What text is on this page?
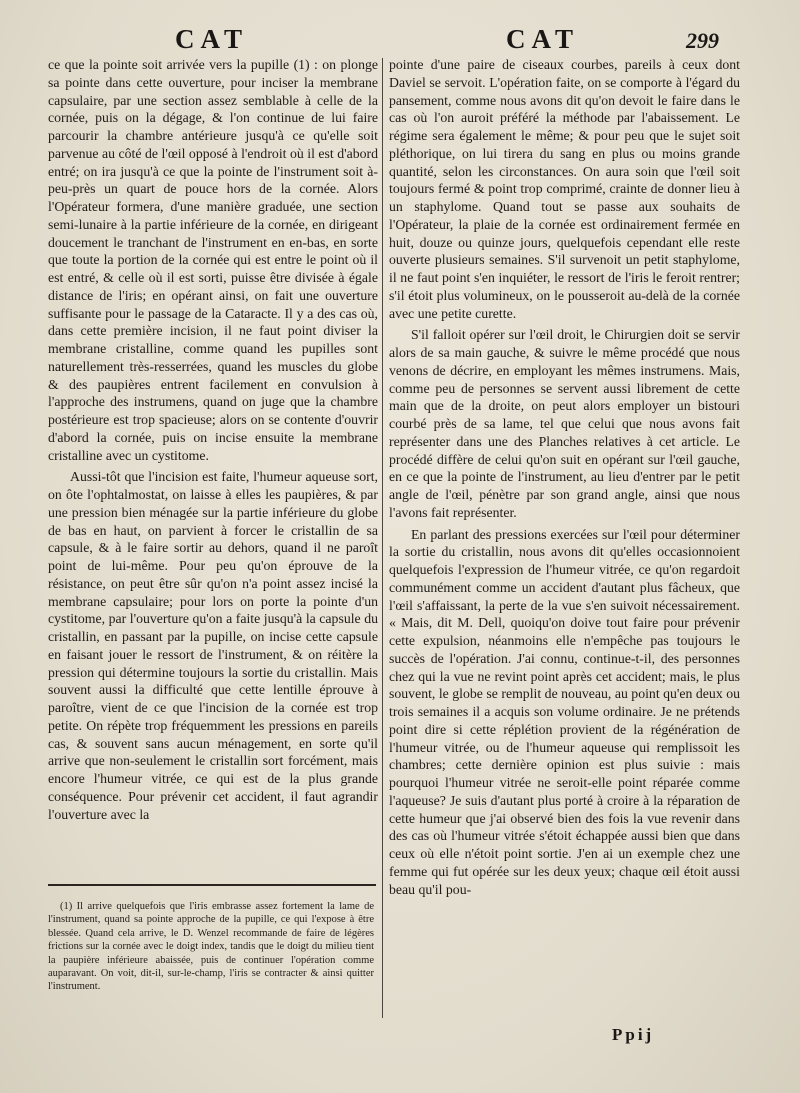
CAT	CAT	299

ce que la pointe soit arrivée vers la pupille (1) : on plonge sa pointe dans cette ouverture, pour inciser la membrane capsulaire, par une section assez semblable à celle de la cornée, puis on la dégage, & l'on continue de lui faire parcourir la chambre antérieure jusqu'à ce qu'elle soit parvenue au côté de l'œil opposé à l'endroit où il est d'abord entré; on ira jusqu'à ce que la pointe de l'instrument soit à-peu-près un quart de pouce hors de la cornée. Alors l'Opérateur formera, d'une manière graduée, une section semi-lunaire à la partie inférieure de la cornée, en dirigeant doucement le tranchant de l'instrument en en-bas, en sorte que toute la portion de la cornée qui est entre le point où il est entré, & celle où il est sorti, puisse être divisée à égale distance de l'iris; en opérant ainsi, on fait une ouverture suffisante pour le passage de la Cataracte. Il y a des cas où, dans cette première incision, il ne faut point diviser la membrane cristalline, comme quand les pupilles sont naturellement très-resserrées, quand les muscles du globe & des paupières entrent facilement en convulsion à l'approche des instrumens, quand on juge que la chambre postérieure est trop spacieuse; alors on se contente d'ouvrir d'abord la cornée, puis on incise ensuite la membrane cristalline avec un cystitome.

Aussi-tôt que l'incision est faite, l'humeur aqueuse sort, on ôte l'ophtalmostat, on laisse à elles les paupières, & par une pression bien ménagée sur la partie inférieure du globe de bas en haut, on parvient à forcer le cristallin de sa capsule, & à le faire sortir au dehors, quand il ne paroît point de lui-même. Pour peu qu'on éprouve de la résistance, on peut être sûr qu'on n'a point assez incisé la membrane capsulaire; pour lors on porte la pointe d'un cystitome, par l'ouverture qu'on a faite jusqu'à la capsule du cristallin, en passant par la pupille, on incise cette capsule en faisant jouer le ressort de l'instrument, & on réitère la pression qui détermine toujours la sortie du cristallin. Mais souvent aussi la difficulté que cette lentille éprouve à paroître, vient de ce que l'incision de la cornée est trop petite. On répète trop fréquemment les pressions en pareils cas, & souvent sans aucun ménagement, en sorte qu'il arrive que non-seulement le cristallin sort forcément, mais encore l'humeur vitrée, ce qui est de la plus grande conséquence. Pour prévenir cet accident, il faut agrandir l'ouverture avec la

pointe d'une paire de ciseaux courbes, pareils à ceux dont Daviel se servoit. L'opération faite, on se comporte à l'égard du pansement, comme nous avons dit qu'on devoit le faire dans le cas où l'on auroit préféré la méthode par l'abaissement. Le régime sera également le même; & pour peu que le sujet soit pléthorique, on lui tirera du sang en plus ou moins grande quantité, selon les circonstances. On aura soin que l'œil soit toujours fermé & point trop comprimé, crainte de donner lieu à un staphylome. Quand tout se passe aux souhaits de l'Opérateur, la plaie de la cornée est ordinairement fermée en huit, douze ou quinze jours, quelquefois cependant elle reste ouverte plusieurs semaines. S'il survenoit un petit staphylome, il ne faut point s'en inquiéter, le ressort de l'iris le feroit rentrer; s'il étoit plus volumineux, on le pousseroit au-delà de la cornée avec une petite curette.

S'il falloit opérer sur l'œil droit, le Chirurgien doit se servir alors de sa main gauche, & suivre le même procédé que nous venons de décrire, en employant les mêmes instrumens. Mais, comme peu de personnes se servent aussi librement de cette main que de la droite, on peut alors employer un bistouri courbé près de sa lame, tel que celui que nous avons fait représenter dans une des Planches relatives à cet article. Le procédé diffère de celui qu'on suit en opérant sur l'œil gauche, en ce que la pointe de l'instrument, au lieu d'entrer par le petit angle de l'œil, pénètre par son grand angle, ainsi que nous l'avons fait représenter.

En parlant des pressions exercées sur l'œil pour déterminer la sortie du cristallin, nous avons dit qu'elles occasionnoient quelquefois l'expression de l'humeur vitrée, ce qu'on regardoit communément comme un accident d'autant plus fâcheux, que l'œil s'affaissant, la perte de la vue s'en suivoit nécessairement. « Mais, dit M. Dell, quoiqu'on doive tout faire pour prévenir cette expulsion, néanmoins elle n'empêche pas toujours le succès de l'opération. J'ai connu, continue-t-il, des personnes chez qui la vue ne revint point après cet accident; mais, le plus souvent, le globe se remplit de nouveau, au point qu'en deux ou trois semaines il a acquis son volume ordinaire. Je ne prétends point dire si cette réplétion provient de la régénération de l'humeur vitrée, ou de l'humeur aqueuse qui remplissoit les chambres; cette dernière opinion est plus suivie : mais pourquoi l'humeur vitrée ne seroit-elle point réparée comme l'aqueuse? Je suis d'autant plus porté à croire à la réparation de cette humeur que j'ai observé bien des fois la vue revenir dans des cas où l'humeur vitrée s'étoit échappée aussi bien que dans ceux où elle n'étoit point sortie. J'en ai un exemple chez une femme qui fut opérée sur les deux yeux; chaque œil étoit aussi beau qu'il pou-

(1) Il arrive quelquefois que l'iris embrasse assez fortement la lame de l'instrument, quand sa pointe approche de la pupille, ce qui l'expose à être blessée. Quand cela arrive, le D. Wenzel recommande de faire de légères frictions sur la cornée avec le doigt index, tandis que le doigt du milieu tient la paupière inférieure abaissée, puis de continuer l'opération comme auparavant. On voit, dit-il, sur-le-champ, l'iris se contracter & ainsi quitter l'instrument.

Ppij
